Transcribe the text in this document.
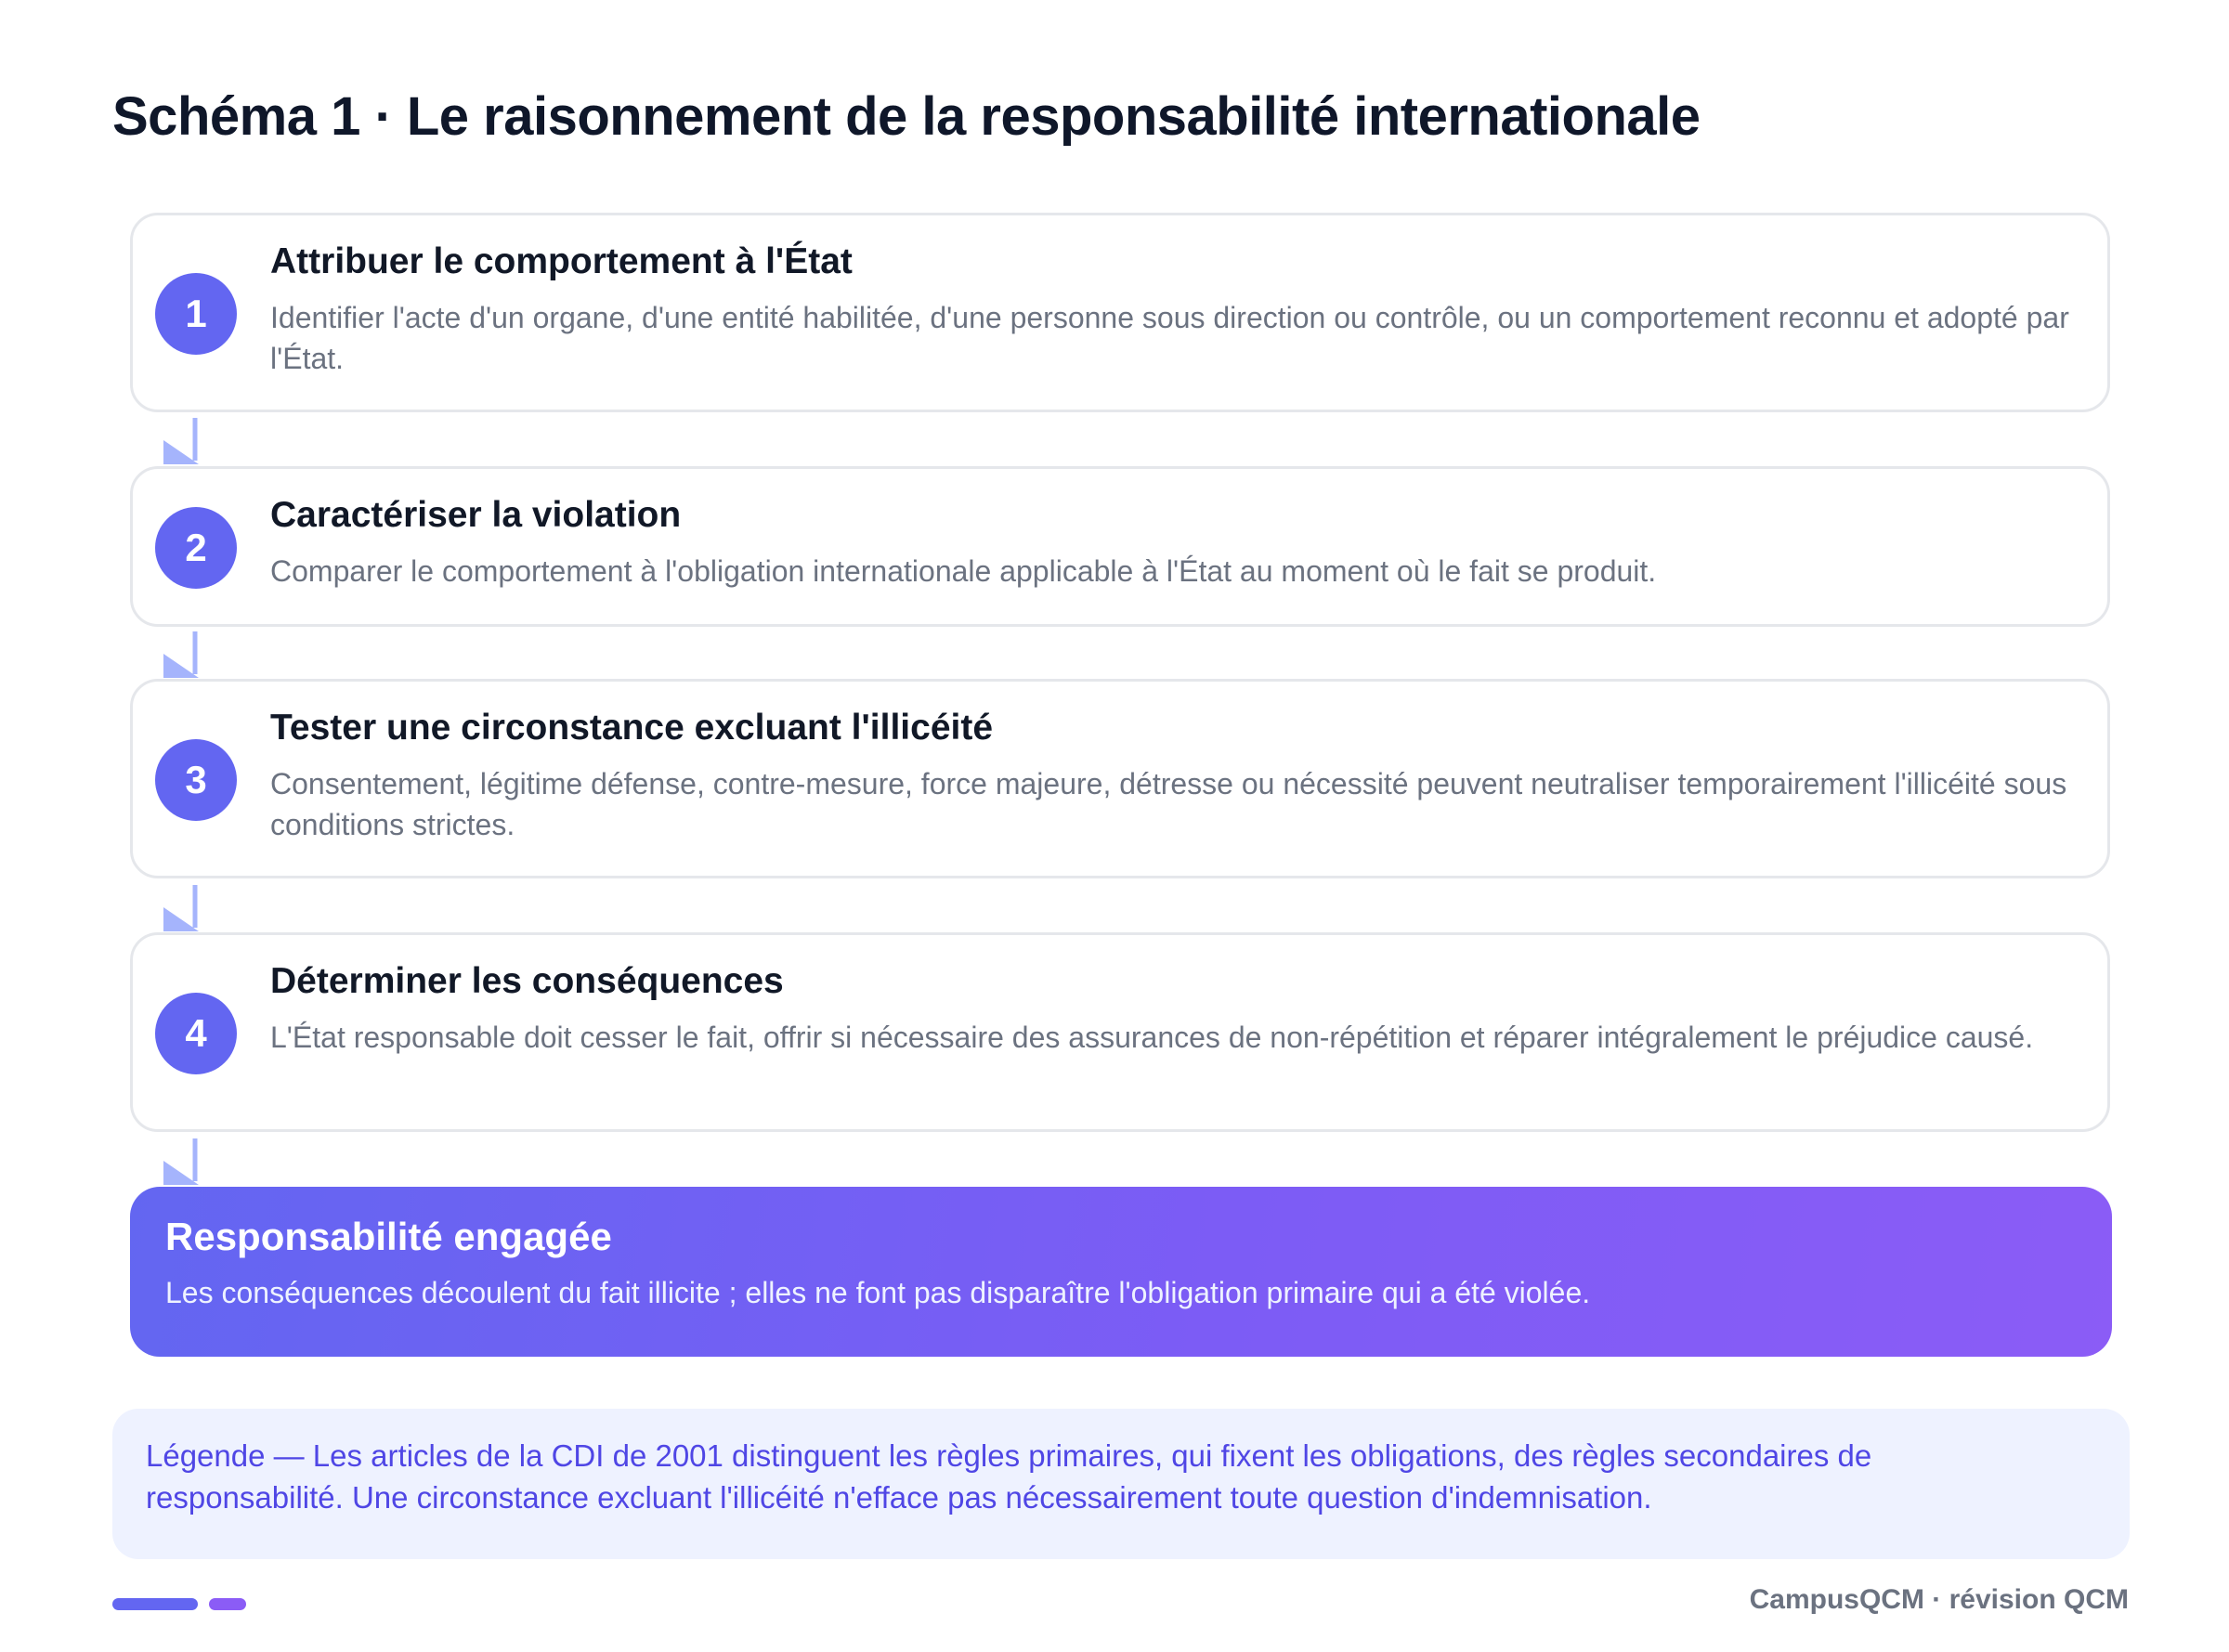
Schéma 1 · Le raisonnement de la responsabilité internationale
1
Attribuer le comportement à l'État
Identifier l'acte d'un organe, d'une entité habilitée, d'une personne sous direction ou contrôle, ou un comportement reconnu et adopté par l'État.
2
Caractériser la violation
Comparer le comportement à l'obligation internationale applicable à l'État au moment où le fait se produit.
3
Tester une circonstance excluant l'illicéité
Consentement, légitime défense, contre-mesure, force majeure, détresse ou nécessité peuvent neutraliser temporairement l'illicéité sous conditions strictes.
4
Déterminer les conséquences
L'État responsable doit cesser le fait, offrir si nécessaire des assurances de non-répétition et réparer intégralement le préjudice causé.
Responsabilité engagée
Les conséquences découlent du fait illicite ; elles ne font pas disparaître l'obligation primaire qui a été violée.
Légende — Les articles de la CDI de 2001 distinguent les règles primaires, qui fixent les obligations, des règles secondaires de responsabilité. Une circonstance excluant l'illicéité n'efface pas nécessairement toute question d'indemnisation.
CampusQCM · révision QCM
